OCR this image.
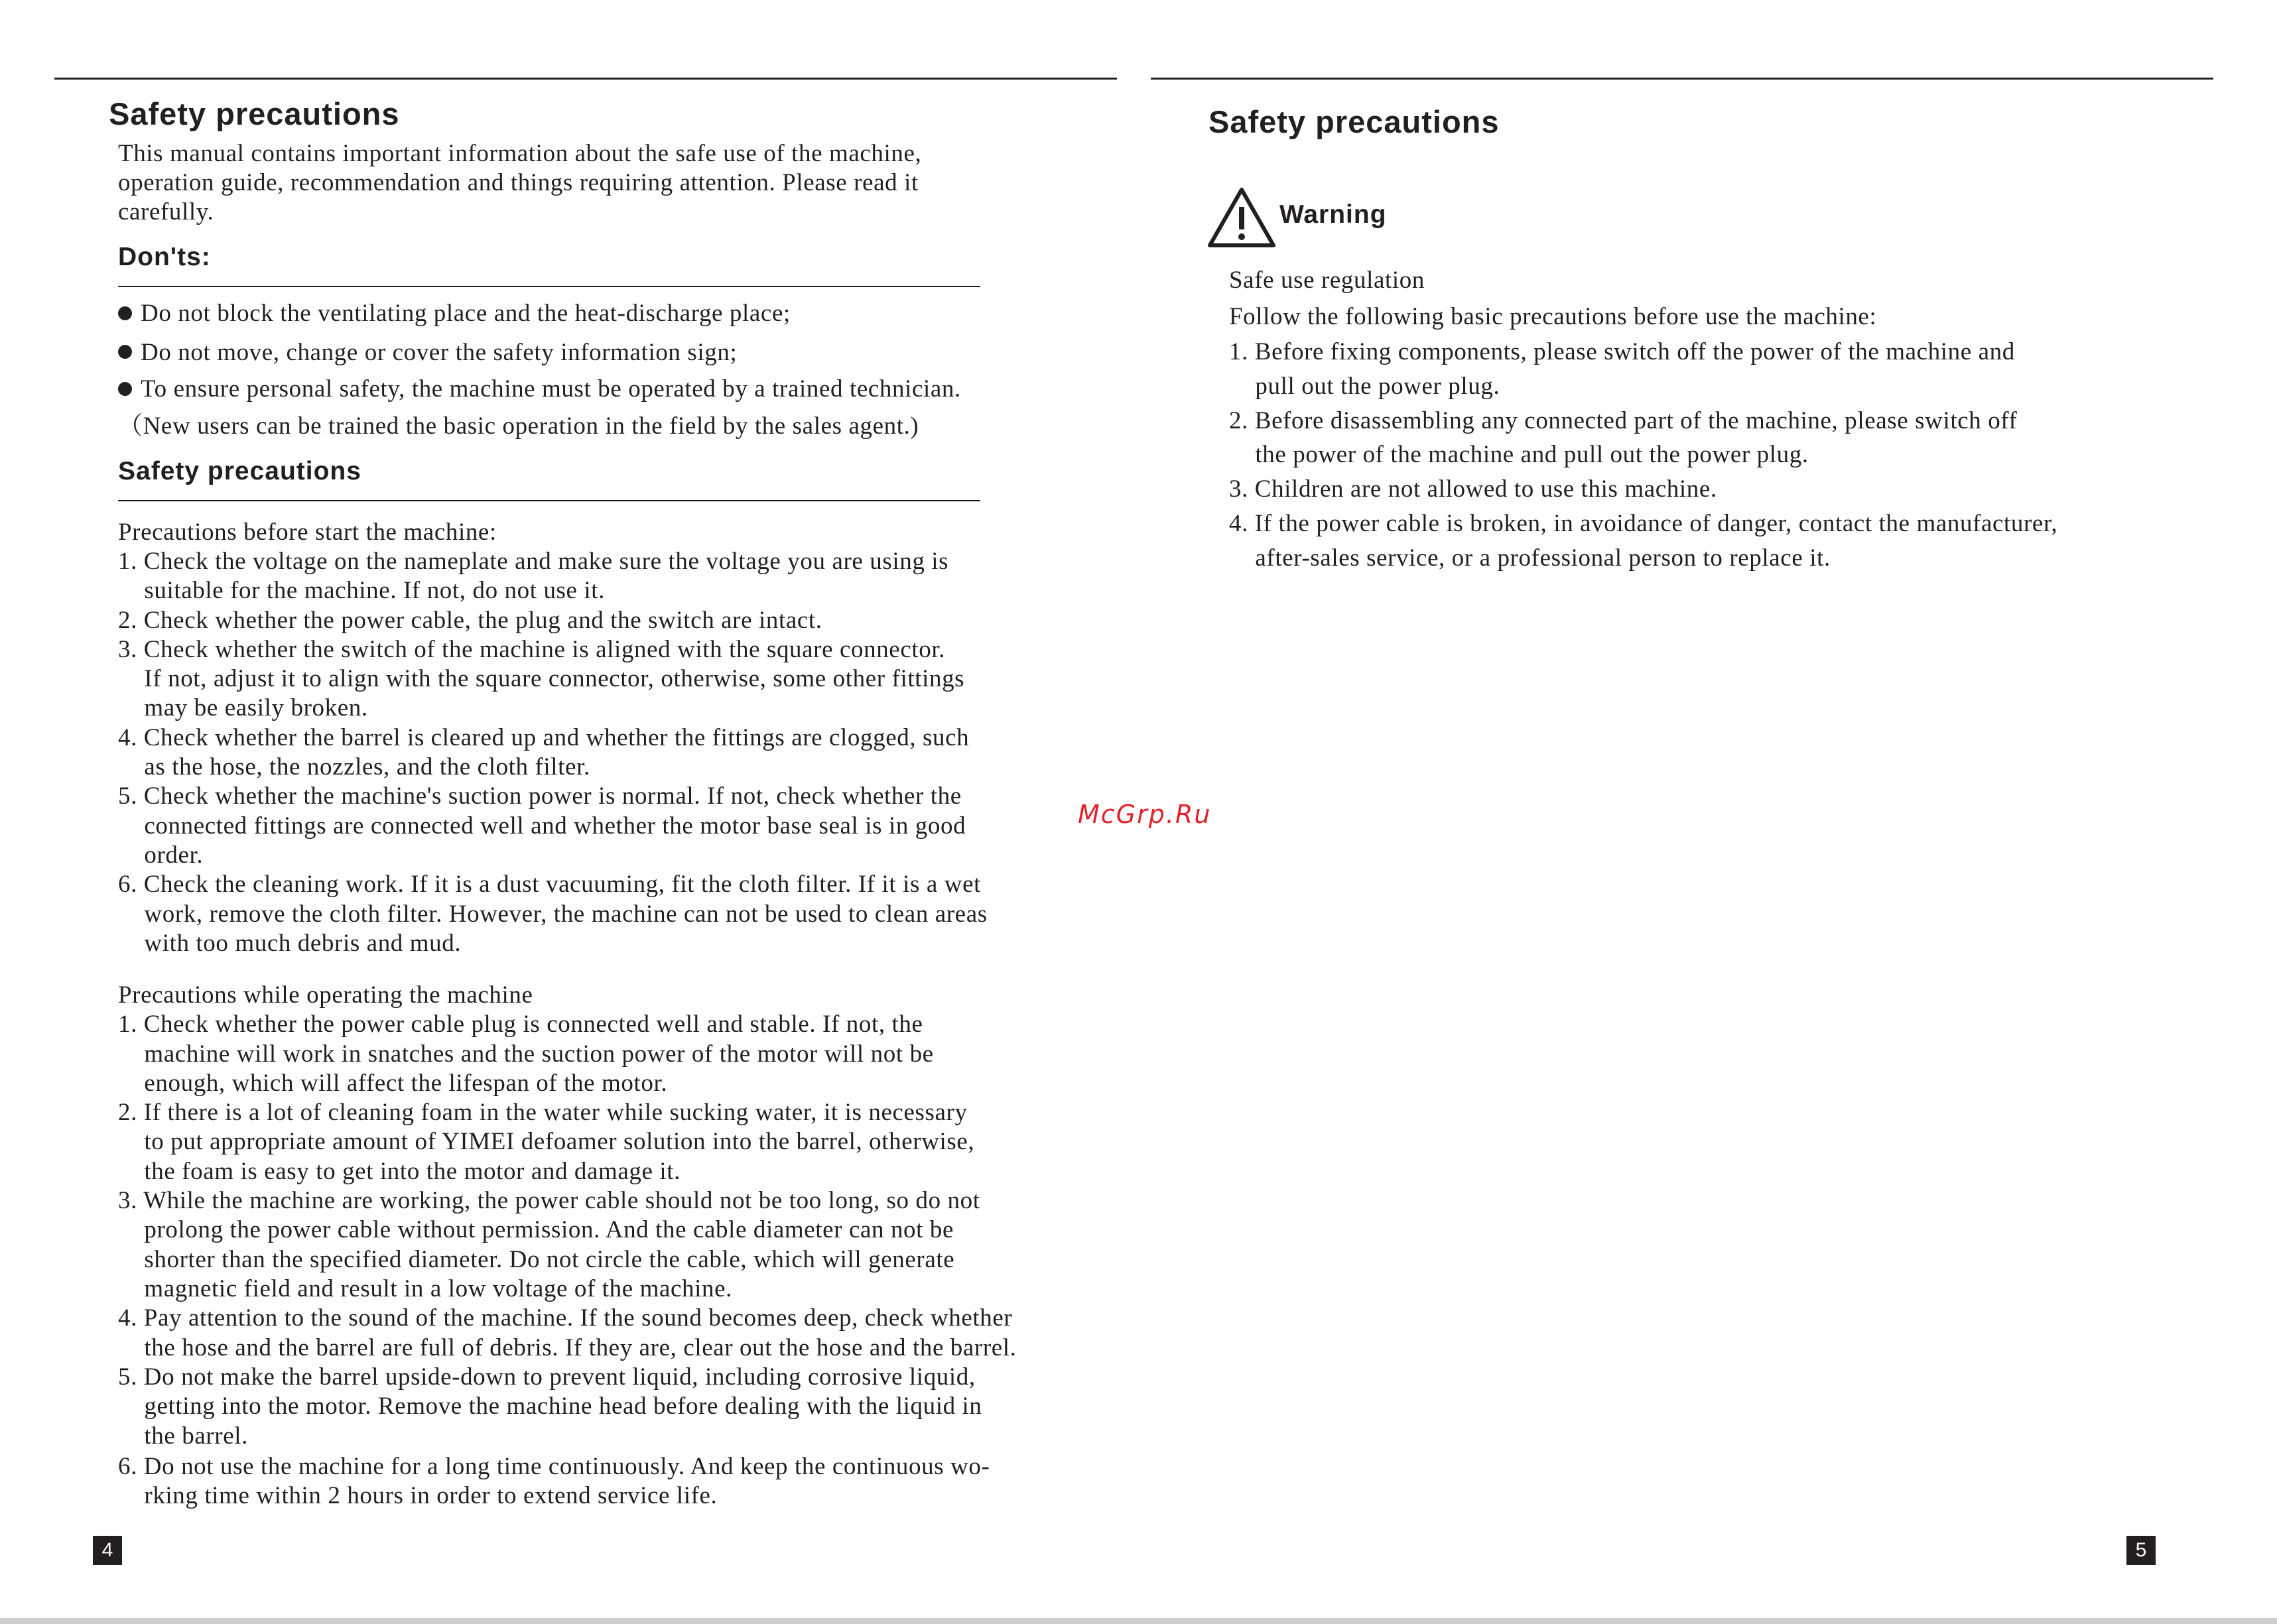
Safety precautions
This manual contains important information about the safe use of the machine,
operation guide, recommendation and things requiring attention. Please read it
carefully.
Don'ts:
Do not block the ventilating place and the heat-discharge place;
Do not move, change or cover the safety information sign;
To ensure personal safety, the machine must be operated by a trained technician.
（New users can be trained the basic operation in the field by the sales agent.)
Safety precautions
Precautions before start the machine:
1. Check the voltage on the nameplate and make sure the voltage you are using is
suitable for the machine. If not, do not use it.
2. Check whether the power cable, the plug and the switch are intact.
3. Check whether the switch of the machine is aligned with the square connector.
If not, adjust it to align with the square connector, otherwise, some other fittings
may be easily broken.
4. Check whether the barrel is cleared up and whether the fittings are clogged, such
as the hose, the nozzles, and the cloth filter.
5. Check whether the machine's suction power is normal. If not, check whether the
connected fittings are connected well and whether the motor base seal is in good
order.
6. Check the cleaning work. If it is a dust vacuuming, fit the cloth filter. If it is a wet
work, remove the cloth filter. However, the machine can not be used to clean areas
with too much debris and mud.
Precautions while operating the machine
1. Check whether the power cable plug is connected well and stable. If not, the
machine will work in snatches and the suction power of the motor will not be
enough, which will affect the lifespan of the motor.
2. If there is a lot of cleaning foam in the water while sucking water, it is necessary
to put appropriate amount of YIMEI defoamer solution into the barrel, otherwise,
the foam is easy to get into the motor and damage it.
3. While the machine are working, the power cable should not be too long, so do not
prolong the power cable without permission. And the cable diameter can not be
shorter than the specified diameter. Do not circle the cable, which will generate
magnetic field and result in a low voltage of the machine.
4. Pay attention to the sound of the machine. If the sound becomes deep, check whether
the hose and the barrel are full of debris. If they are, clear out the hose and the barrel.
5. Do not make the barrel upside-down to prevent liquid, including corrosive liquid,
getting into the motor. Remove the machine head before dealing with the liquid in
the barrel.
6. Do not use the machine for a long time continuously. And keep the continuous wo-
rking time within 2 hours in order to extend service life.
4
McGrp.Ru
Safety precautions
Warning
Safe use regulation
Follow the following basic precautions before use the machine:
1. Before fixing components, please switch off the power of the machine and
pull out the power plug.
2. Before disassembling any connected part of the machine, please switch off
the power of the machine and pull out the power plug.
3. Children are not allowed to use this machine.
4. If the power cable is broken, in avoidance of danger, contact the manufacturer,
after-sales service, or a professional person to replace it.
5
